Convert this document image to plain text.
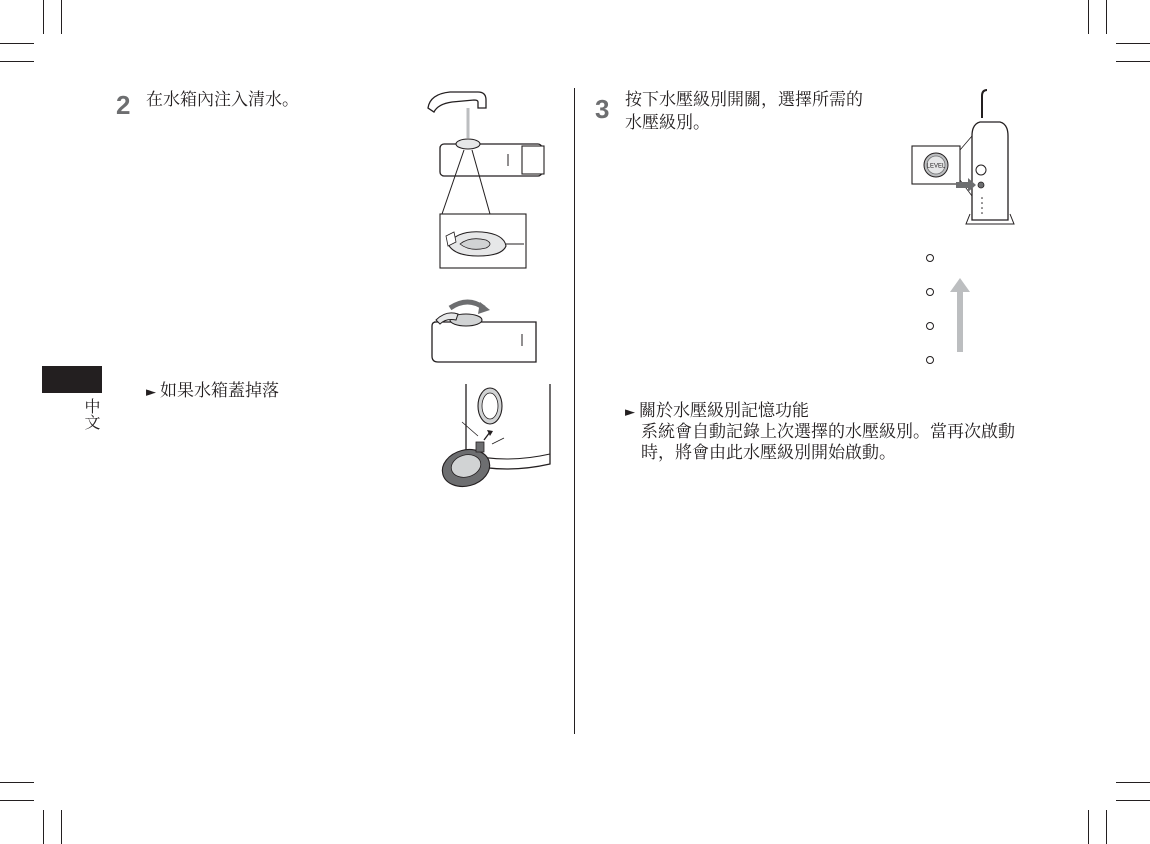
中文
2 在水箱內注入清水。
► 如果水箱蓋掉落
3 按下水壓級別開關，選擇所需的
水壓級別。
LEVEL
► 關於水壓級別記憶功能
系統會自動記錄上次選擇的水壓級別。當再次啟動
時，將會由此水壓級別開始啟動。
